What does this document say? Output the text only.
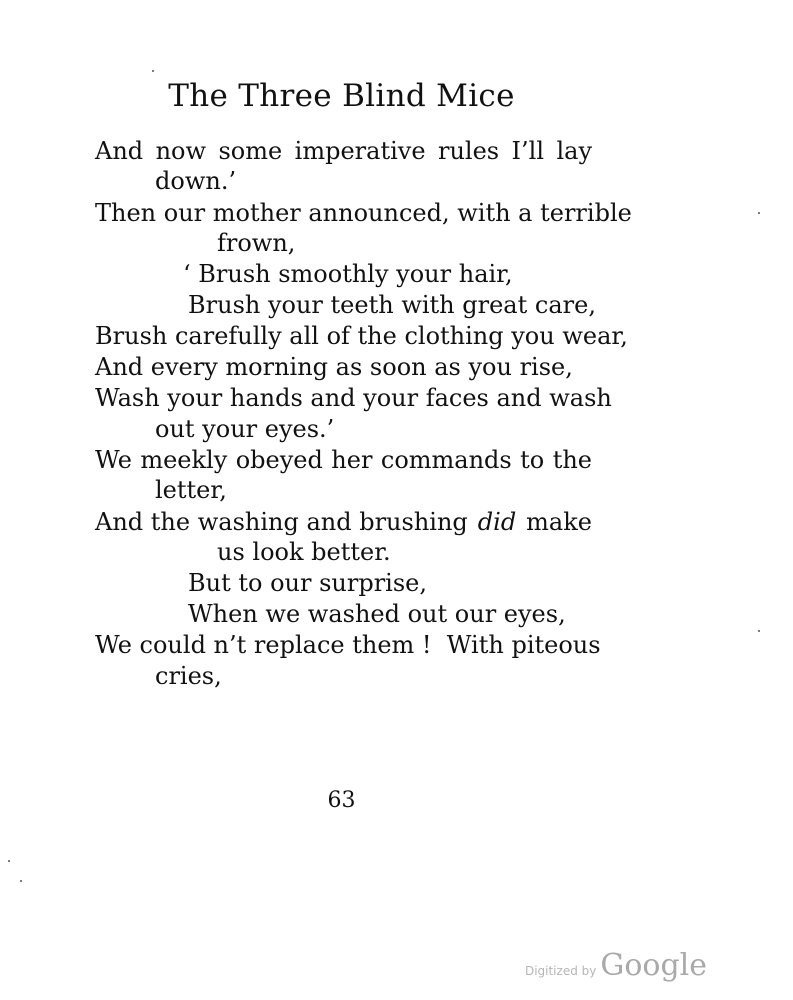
The Three Blind Mice
And now some imperative rules I’ll lay
down.’
Then our mother announced, with a terrible
frown,
‘ Brush smoothly your hair,
Brush your teeth with great care,
Brush carefully all of the clothing you wear,
And every morning as soon as you rise,
Wash your hands and your faces and wash
out your eyes.’
We meekly obeyed her commands to the
letter,
And the washing and brushing did make
us look better.
But to our surprise,
When we washed out our eyes,
We could n’t replace them !  With piteous
cries,
63
Digitized by Google
